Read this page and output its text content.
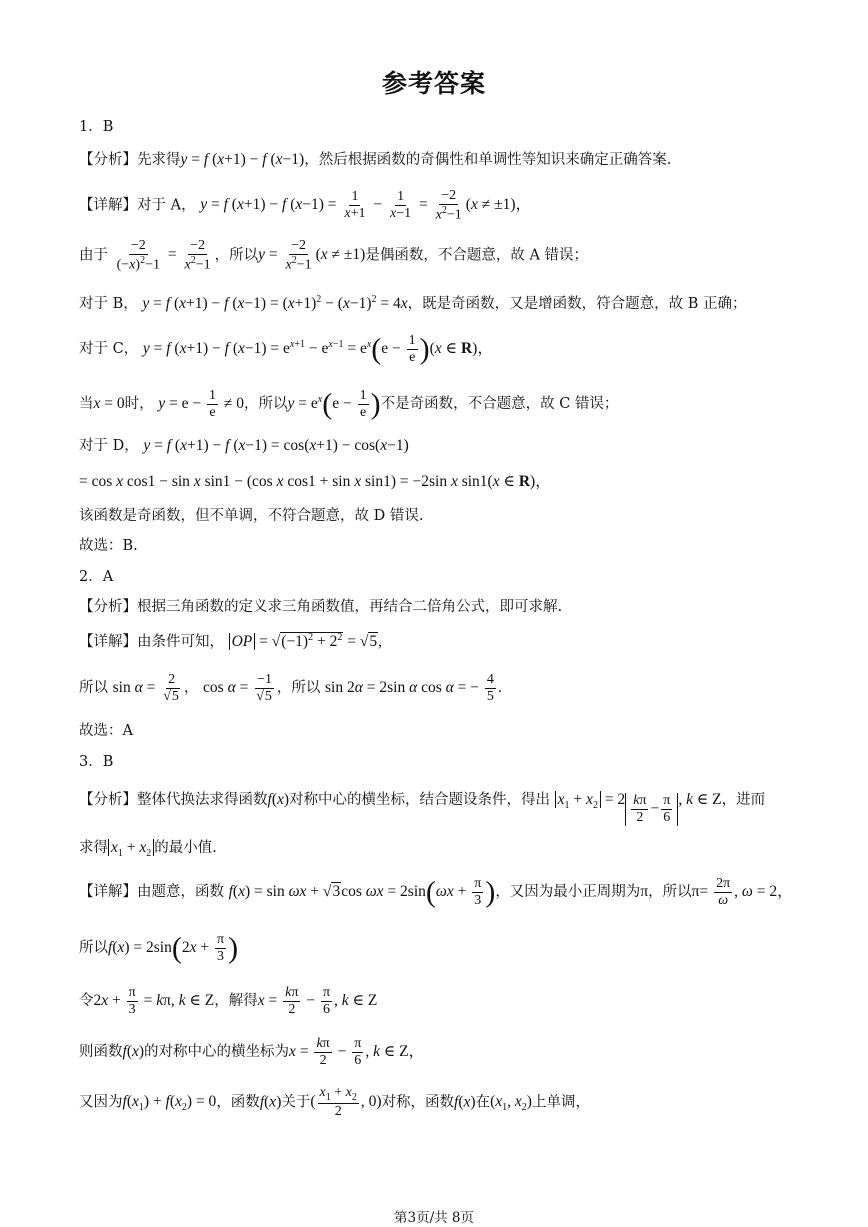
参考答案
1．B
【分析】先求得y = f (x+1) − f (x−1)，然后根据函数的奇偶性和单调性等知识来确定正确答案.
【详解】对于 A， y = f (x+1) − f $(x-1) = \frac{1}{x+1} - \frac{1}{x-1} = \frac{-2}{x^2-1} (x \ne \pm 1)$，
由于 $\frac{-2}{(-x)^2-1} = \frac{-2}{x^2-1}$ ，所以$y = \frac{-2}{x^2-1} (x \ne \pm 1)$是偶函数，不合题意，故 A 错误；
对于 B， y = f (x+1) − f $(x-1) = (x+1)^2 - (x-1)^2 = 4x$，既是奇函数，又是增函数，符合题意，故 B 正确；
对于 C， y = f (x+1) − f $(x-1) = e^{x+1} - e^{x-1} = e^x(e - \frac{1}{e} )(x$ ∈ R)，
当x = 0时， $y = e - \frac{1}{e} \ne 0$，所以$y = e^x(e - \frac{1}{e}$ )不是奇函数，不合题意，故 C 错误；
对于 D， y = f (x+1) − f (x−1) = cos(x+1) − cos(x−1)
= cos x cos1 − sin x sin1 − (cos x cos1 + sin x sin1) = −2sin x sin1(x ∈ R)，
该函数是奇函数，但不单调，不符合题意，故 D 错误.
故选：B.
2．A
【分析】根据三角函数的定义求三角函数值，再结合二倍角公式，即可求解.
【详解】由条件可知， OP = $√(-1)^2 + 2^2 = √5$,
所以 $\sin \alpha = \frac{2}{√5}$ ， $\cos \alpha = \frac{-1}{√5}$ ，所以 sin 2α = 2sin α cos α = − $\frac{4}{5}$ .
故选：A
3．B
【分析】整体代换法求得函数f(x)对称中心的横坐标，结合题设条件，得出 $x_1 + x_2 = 2 \frac{k\pi}{2} - \frac{\pi}{6}$ , k ∈ Z，进而
求得 $x_1 + x_2$ 的最小值.
【详解】由题意，函数 f(x) = sin ωx + √3cos $\omega x = 2\sin(\omega x + \frac{\pi}{3}$ )，又因为最小正周期为π，所以$\pi= \frac{2\pi}{\omega}$ , ω = 2，
所以$f(x) = 2\sin(2x + \frac{\pi}{3}$ )
令$2x + \frac{\pi}{3} = k\pi$, k ∈ Z，解得$x = \frac{k\pi}{2} - \frac{\pi}{6}$ , k ∈ Z
则函数f(x)的对称中心的横坐标为$x = \frac{k\pi}{2} - \frac{\pi}{6}$ , k ∈ Z，
又因为$f(x_1) + f(x_2) = 0$，函数f(x)关于( $\frac{x_1 + x_2}{2}$ , 0)对称，函数f(x)在($x_1$, $x_2$)上单调，
第3页/共 8页
